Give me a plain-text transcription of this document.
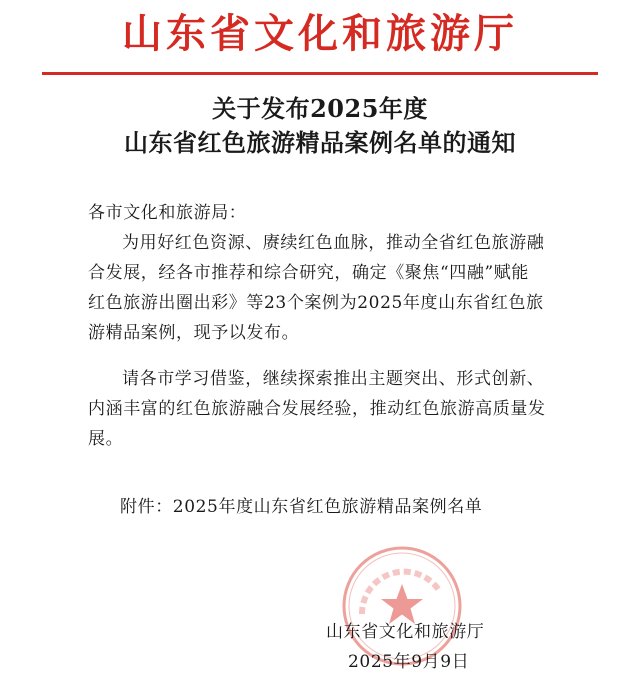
山东省文化和旅游厅
关于发布2025年度
山东省红色旅游精品案例名单的通知
各市文化和旅游局：
为用好红色资源、赓续红色血脉，推动全省红色旅游融
合发展，经各市推荐和综合研究，确定《聚焦“四融”赋能
红色旅游出圈出彩》等23个案例为2025年度山东省红色旅
游精品案例，现予以发布。
请各市学习借鉴，继续探索推出主题突出、形式创新、
内涵丰富的红色旅游融合发展经验，推动红色旅游高质量发
展。
附件：2025年度山东省红色旅游精品案例名单
山东省文化和旅游厅
2025年9月9日
